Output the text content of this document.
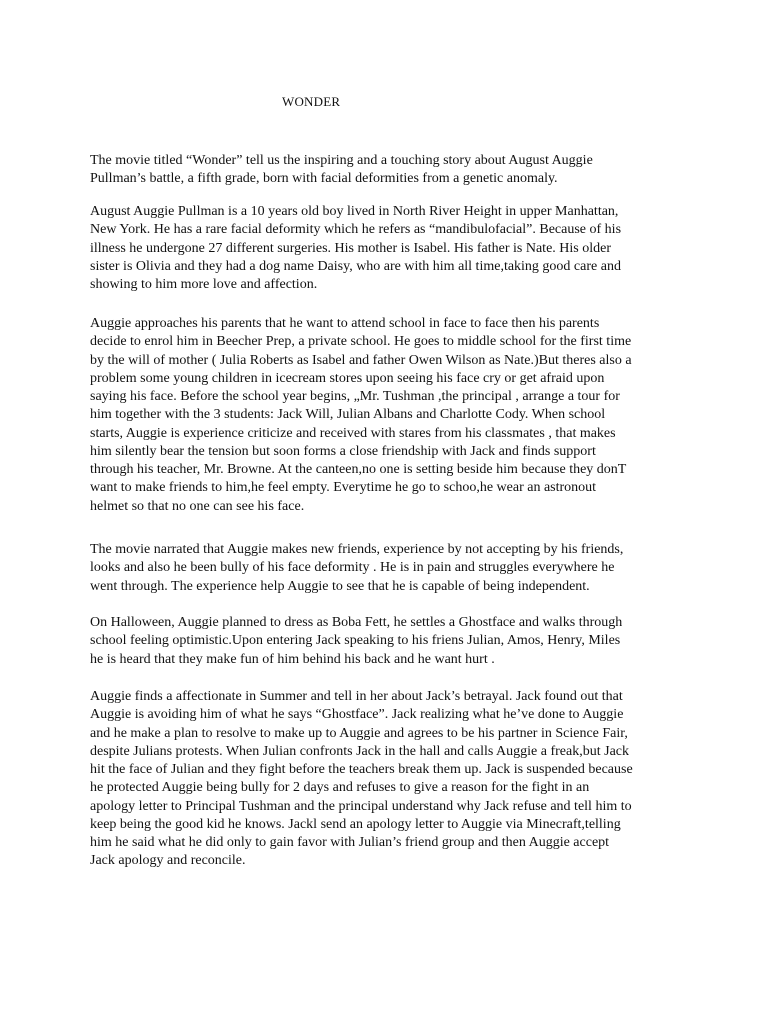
WONDER

The movie titled “Wonder” tell us the inspiring and a touching story about August Auggie
Pullman’s battle, a fifth grade, born with facial deformities from a genetic anomaly.

August Auggie Pullman is a 10 years old boy lived in North River Height in upper Manhattan,
New York. He has a rare facial deformity which he refers as “mandibulofacial”. Because of his
illness he undergone 27 different surgeries. His mother is Isabel. His father is Nate. His older
sister is Olivia and they had a dog name Daisy, who are with him all time,taking good care and
showing to him more love and affection.

Auggie approaches his parents that he want to attend school in face to face then his parents
decide to enrol him in Beecher Prep, a private school. He goes to middle school for the first time
by the will of mother ( Julia Roberts as Isabel and father Owen Wilson as Nate.)But theres also a
problem some young children in icecream stores upon seeing his face cry or get afraid upon
saying his face. Before the school year begins, „Mr. Tushman ,the principal , arrange a tour for
him together with the 3 students: Jack Will, Julian Albans and Charlotte Cody. When school
starts, Auggie is experience criticize and received with stares from his classmates , that makes
him silently bear the tension but soon forms a close friendship with Jack and finds support
through his teacher, Mr. Browne. At the canteen,no one is setting beside him because they donT
want to make friends to him,he feel empty. Everytime he go to schoo,he wear an astronout
helmet so that no one can see his face.

The movie narrated that Auggie makes new friends, experience by not accepting by his friends,
looks and also he been bully of his face deformity . He is in pain and struggles everywhere he
went through. The experience help Auggie to see that he is capable of being independent.

On Halloween, Auggie planned to dress as Boba Fett, he settles a Ghostface and walks through
school feeling optimistic.Upon entering Jack speaking to his friens Julian, Amos, Henry, Miles
he is heard that they make fun of him behind his back and he want hurt .

Auggie finds a affectionate in Summer and tell in her about Jack’s betrayal. Jack found out that
Auggie is avoiding him of what he says “Ghostface”. Jack realizing what he’ve done to Auggie
and he make a plan to resolve to make up to Auggie and agrees to be his partner in Science Fair,
despite Julians protests. When Julian confronts Jack in the hall and calls Auggie a freak,but Jack
hit the face of Julian and they fight before the teachers break them up. Jack is suspended because
he protected Auggie being bully for 2 days and refuses to give a reason for the fight in an
apology letter to Principal Tushman and the principal understand why Jack refuse and tell him to
keep being the good kid he knows. Jackl send an apology letter to Auggie via Minecraft,telling
him he said what he did only to gain favor with Julian’s friend group and then Auggie accept
Jack apology and reconcile.
